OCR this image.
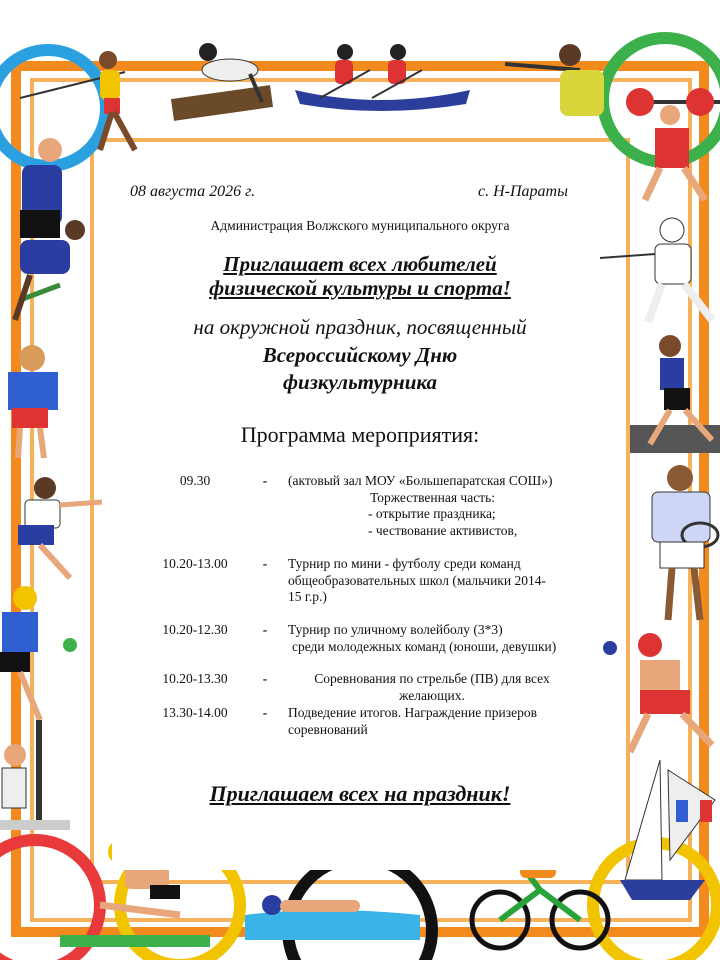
08 августа 2026 г.	с. Н-Параты
Администрация Волжского муниципального округа
Приглашает всех любителей
физической культуры и спорта!
на окружной праздник, посвященный
Всероссийскому Дню
физкультурника
Программа мероприятия:
09.30	-	(актовый зал МОУ «Большепаратская СОШ»)
Торжественная часть:
- открытие праздника;
- чествование активистов,
10.20-13.00	-	Турнир по мини - футболу среди команд
общеобразовательных школ (мальчики 2014-
15 г.р.)
10.20-12.30	-	Турнир по уличному волейболу (3*3)
среди молодежных команд (юноши, девушки)
10.20-13.30	-	Соревнования по стрельбе (ПВ) для всех
желающих.
13.30-14.00	-	Подведение итогов. Награждение призеров
соревнований
Приглашаем всех на праздник!
